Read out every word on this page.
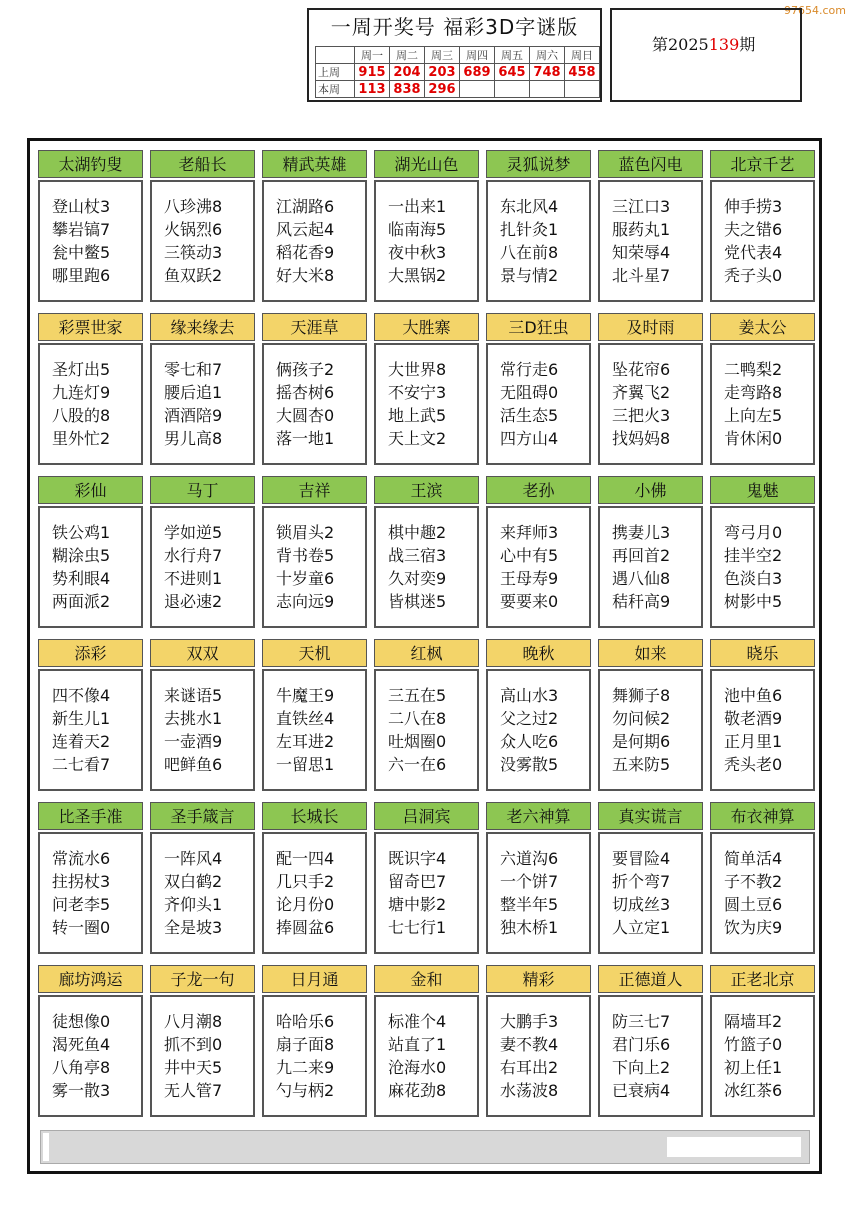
97654.com
一周开奖号 福彩3D字谜版
	周一	周二	周三	周四	周五	周六	周日
上周	915	204	203	689	645	748	458
本周	113	838	296				
第2025139期
太湖钓叟
登山杖3
攀岩镐7
瓮中鳖5
哪里跑6
老船长
八珍沸8
火锅烈6
三筷动3
鱼双跃2
精武英雄
江湖路6
风云起4
稻花香9
好大米8
湖光山色
一出来1
临南海5
夜中秋3
大黑锅2
灵狐说梦
东北风4
扎针灸1
八在前8
景与情2
蓝色闪电
三江口3
服药丸1
知荣辱4
北斗星7
北京千艺
伸手捞3
夫之错6
党代表4
秃子头0
彩票世家
圣灯出5
九连灯9
八股的8
里外忙2
缘来缘去
零七和7
腰后追1
酒酒陪9
男儿高8
天涯草
俩孩子2
摇杏树6
大圆杏0
落一地1
大胜寨
大世界8
不安宁3
地上武5
天上文2
三D狂虫
常行走6
无阻碍0
活生态5
四方山4
及时雨
坠花帘6
齐翼飞2
三把火3
找妈妈8
姜太公
二鸭梨2
走弯路8
上向左5
肯休闲0
彩仙
铁公鸡1
糊涂虫5
势利眼4
两面派2
马丁
学如逆5
水行舟7
不进则1
退必速2
吉祥
锁眉头2
背书卷5
十岁童6
志向远9
王滨
棋中趣2
战三宿3
久对奕9
皆棋迷5
老孙
来拜师3
心中有5
王母寿9
要要来0
小佛
携妻儿3
再回首2
遇八仙8
秸秆高9
鬼魅
弯弓月0
挂半空2
色淡白3
树影中5
添彩
四不像4
新生儿1
连着天2
二七看7
双双
来谜语5
去挑水1
一壶酒9
吧鲜鱼6
天机
牛魔王9
直铁丝4
左耳进2
一留思1
红枫
三五在5
二八在8
吐烟圈0
六一在6
晚秋
高山水3
父之过2
众人吃6
没雾散5
如来
舞狮子8
勿问候2
是何期6
五来防5
晓乐
池中鱼6
敬老酒9
正月里1
秃头老0
比圣手准
常流水6
拄拐杖3
问老李5
转一圈0
圣手箴言
一阵风4
双白鹤2
齐仰头1
全是坡3
长城长
配一四4
几只手2
论月份0
捧圆盆6
吕洞宾
既识字4
留奇巴7
塘中影2
七七行1
老六神算
六道沟6
一个饼7
整半年5
独木桥1
真实谎言
要冒险4
折个弯7
切成丝3
人立定1
布衣神算
简单活4
子不教2
圆土豆6
饮为庆9
廊坊鸿运
徒想像0
渴死鱼4
八角亭8
雾一散3
子龙一句
八月潮8
抓不到0
井中天5
无人管7
日月通
哈哈乐6
扇子面8
九二来9
勺与柄2
金和
标准个4
站直了1
沧海水0
麻花劲8
精彩
大鹏手3
妻不教4
右耳出2
水荡波8
正德道人
防三七7
君门乐6
下向上2
已衰病4
正老北京
隔墙耳2
竹篮子0
初上任1
冰红茶6
